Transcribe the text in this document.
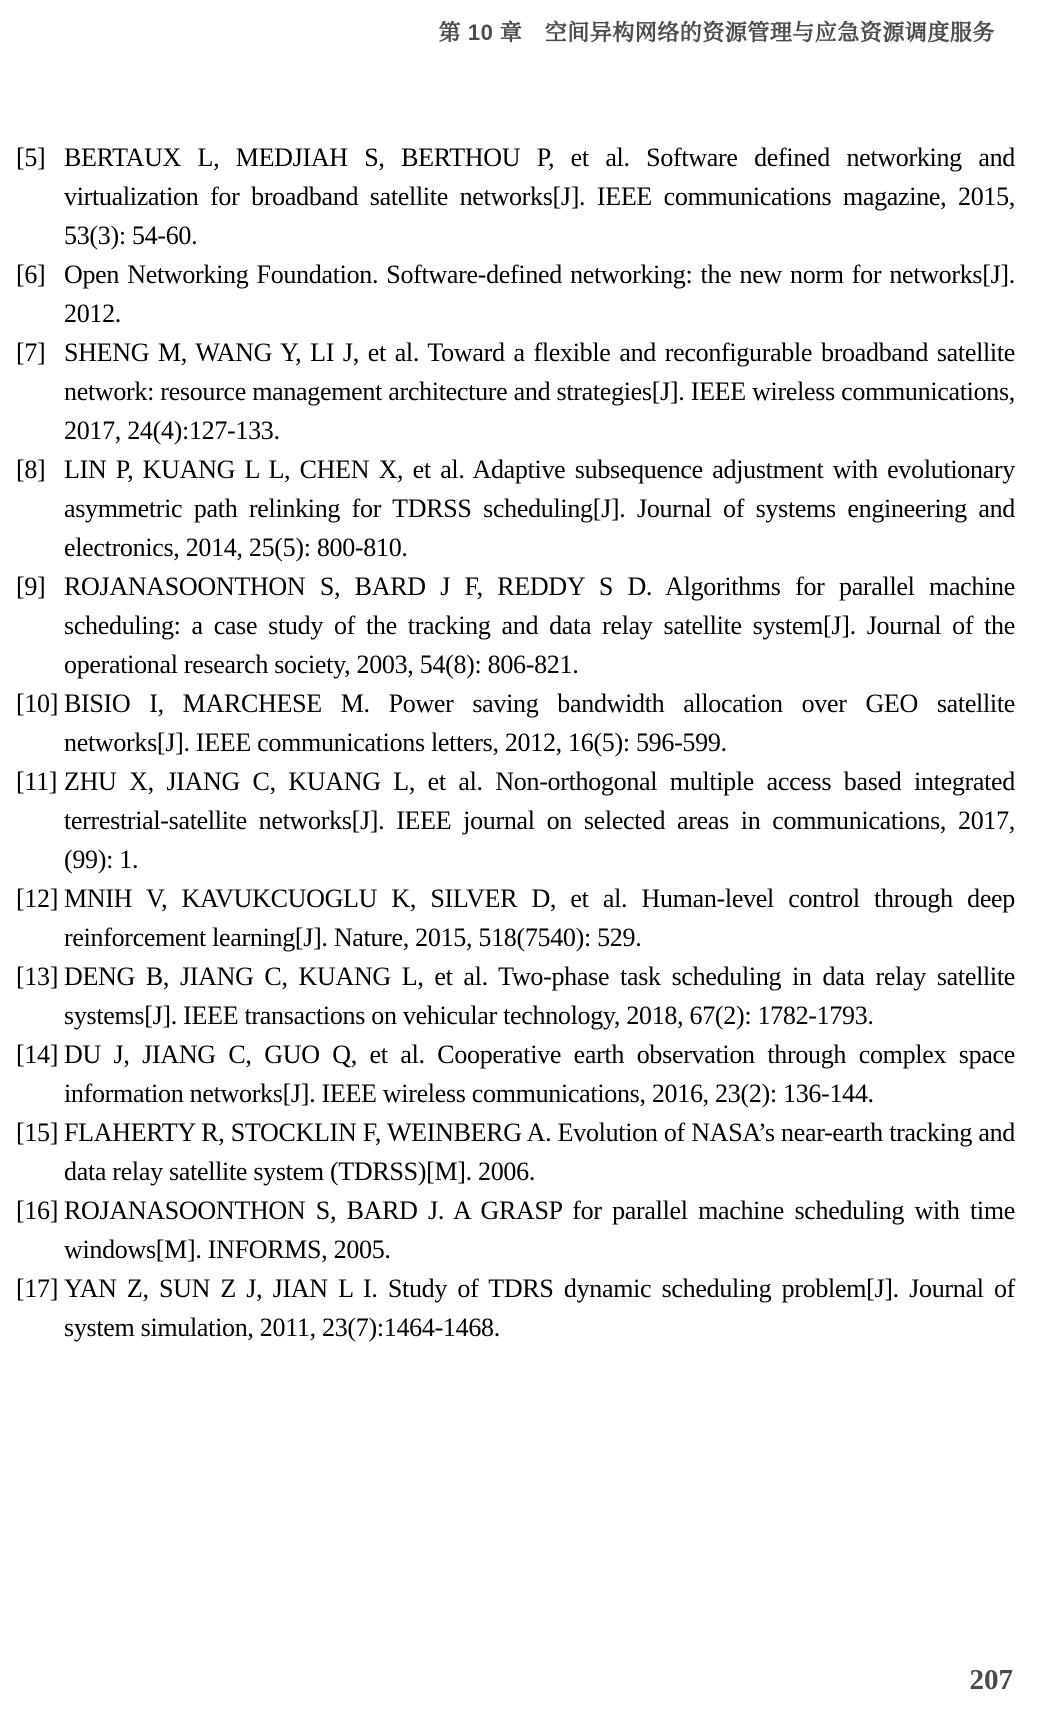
第 10 章　空间异构网络的资源管理与应急资源调度服务
[5] BERTAUX L, MEDJIAH S, BERTHOU P, et al. Software defined networking and virtualization for broadband satellite networks[J]. IEEE communications magazine, 2015, 53(3): 54-60.
[6] Open Networking Foundation. Software-defined networking: the new norm for networks[J]. 2012.
[7] SHENG M, WANG Y, LI J, et al. Toward a flexible and reconfigurable broadband satellite network: resource management architecture and strategies[J]. IEEE wireless communications, 2017, 24(4):127-133.
[8] LIN P, KUANG L L, CHEN X, et al. Adaptive subsequence adjustment with evolutionary asymmetric path relinking for TDRSS scheduling[J]. Journal of systems engineering and electronics, 2014, 25(5): 800-810.
[9] ROJANASOONTHON S, BARD J F, REDDY S D. Algorithms for parallel machine scheduling: a case study of the tracking and data relay satellite system[J]. Journal of the operational research society, 2003, 54(8): 806-821.
[10] BISIO I, MARCHESE M. Power saving bandwidth allocation over GEO satellite networks[J]. IEEE communications letters, 2012, 16(5): 596-599.
[11] ZHU X, JIANG C, KUANG L, et al. Non-orthogonal multiple access based integrated terrestrial-satellite networks[J]. IEEE journal on selected areas in communications, 2017, (99): 1.
[12] MNIH V, KAVUKCUOGLU K, SILVER D, et al. Human-level control through deep reinforcement learning[J]. Nature, 2015, 518(7540): 529.
[13] DENG B, JIANG C, KUANG L, et al. Two-phase task scheduling in data relay satellite systems[J]. IEEE transactions on vehicular technology, 2018, 67(2): 1782-1793.
[14] DU J, JIANG C, GUO Q, et al. Cooperative earth observation through complex space information networks[J]. IEEE wireless communications, 2016, 23(2): 136-144.
[15] FLAHERTY R, STOCKLIN F, WEINBERG A. Evolution of NASA’s near-earth tracking and data relay satellite system (TDRSS)[M]. 2006.
[16] ROJANASOONTHON S, BARD J. A GRASP for parallel machine scheduling with time windows[M]. INFORMS, 2005.
[17] YAN Z, SUN Z J, JIAN L I. Study of TDRS dynamic scheduling problem[J]. Journal of system simulation, 2011, 23(7):1464-1468.
207
